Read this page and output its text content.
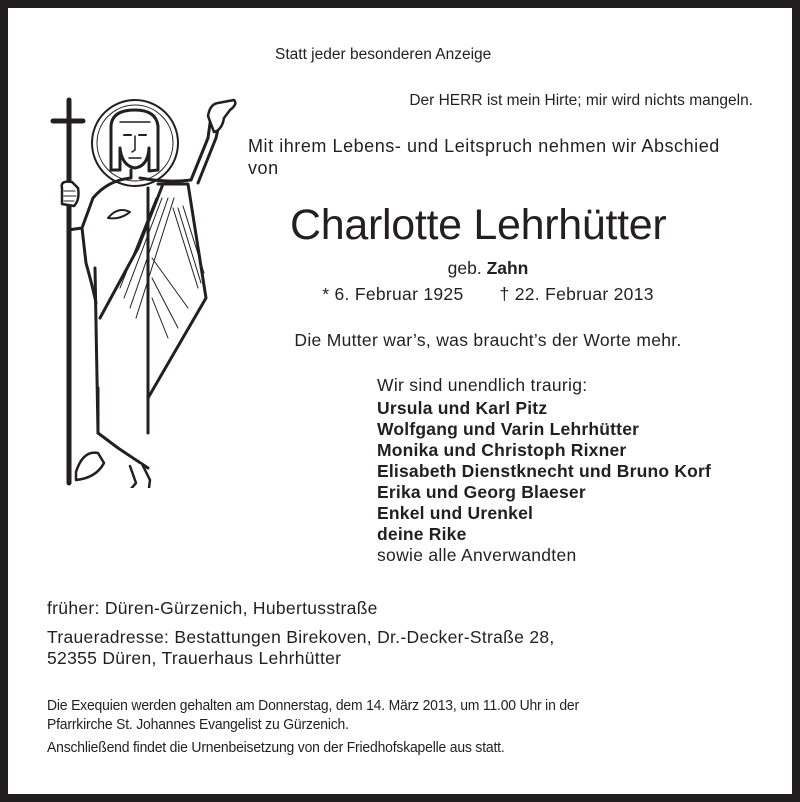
Statt jeder besonderen Anzeige
Der HERR ist mein Hirte; mir wird nichts mangeln.
Mit ihrem Lebens- und Leitspruch nehmen wir Abschied
von
Charlotte Lehrhütter
geb. Zahn
* 6. Februar 1925 † 22. Februar 2013
Die Mutter war’s, was braucht’s der Worte mehr.
Wir sind unendlich traurig:
Ursula und Karl Pitz
Wolfgang und Varin Lehrhütter
Monika und Christoph Rixner
Elisabeth Dienstknecht und Bruno Korf
Erika und Georg Blaeser
Enkel und Urenkel
deine Rike
sowie alle Anverwandten
früher: Düren-Gürzenich, Hubertusstraße
Traueradresse: Bestattungen Birekoven, Dr.-Decker-Straße 28,
52355 Düren, Trauerhaus Lehrhütter
Die Exequien werden gehalten am Donnerstag, dem 14. März 2013, um 11.00 Uhr in der
Pfarrkirche St. Johannes Evangelist zu Gürzenich.
Anschließend findet die Urnenbeisetzung von der Friedhofskapelle aus statt.
